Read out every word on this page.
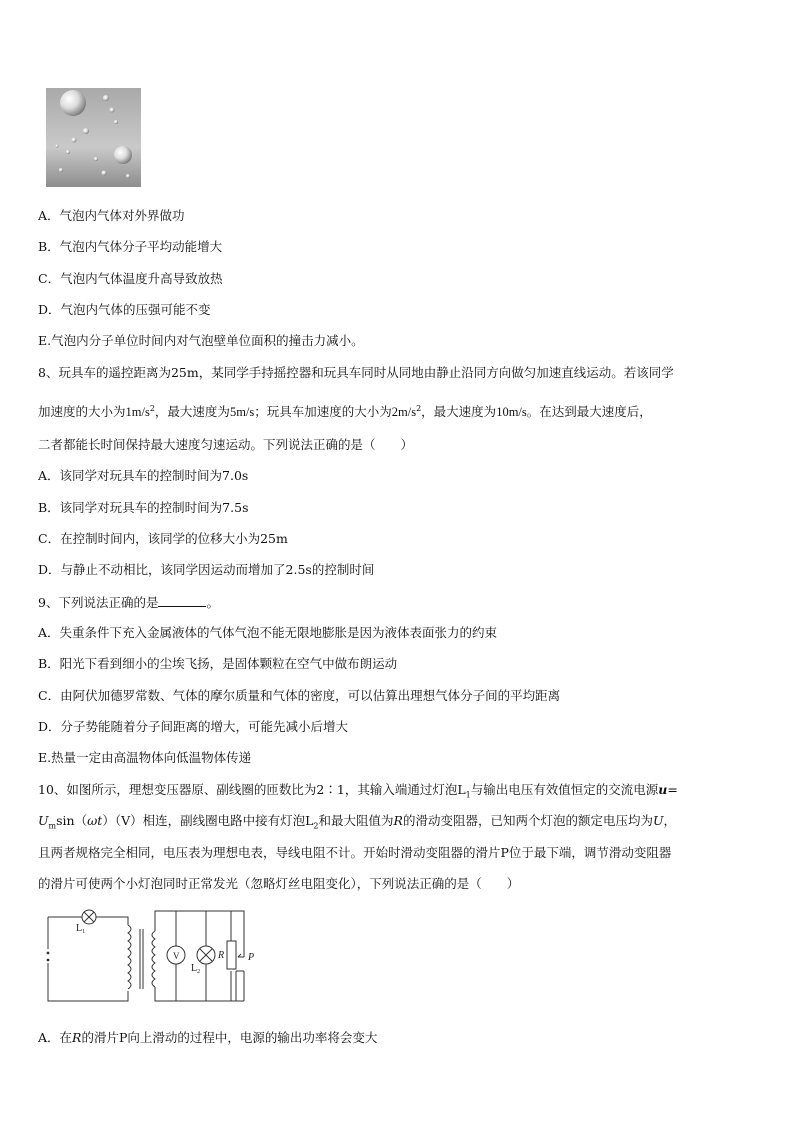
A．气泡内气体对外界做功
B．气泡内气体分子平均动能增大
C．气泡内气体温度升高导致放热
D．气泡内气体的压强可能不变
E.气泡内分子单位时间内对气泡壁单位面积的撞击力减小。
8、玩具车的遥控距离为25m，某同学手持摇控器和玩具车同时从同地由静止沿同方向做匀加速直线运动。若该同学
加速度的大小为$1m/s^2$，最大速度为5m/s；玩具车加速度的大小为$2m/s^2$，最大速度为10m/s。在达到最大速度后，
二者都能长时间保持最大速度匀速运动。下列说法正确的是（　　）
A．该同学对玩具车的控制时间为7.0s
B．该同学对玩具车的控制时间为7.5s
C．在控制时间内，该同学的位移大小为25m
D．与静止不动相比，该同学因运动而增加了2.5s的控制时间
9、下列说法正确的是	。
A．失重条件下充入金属液体的气体气泡不能无限地膨胀是因为液体表面张力的约束
B．阳光下看到细小的尘埃飞扬，是固体颗粒在空气中做布朗运动
C．由阿伏加德罗常数、气体的摩尔质量和气体的密度，可以估算出理想气体分子间的平均距离
D．分子势能随着分子间距离的增大，可能先减小后增大
E.热量一定由高温物体向低温物体传递
10、如图所示，理想变压器原、副线圈的匝数比为2∶1，其输入端通过灯泡$L_1$与输出电压有效值恒定的交流电源u=
$U_m\sin(\omega t)(V)$相连，副线圈电路中接有灯泡$L_2$和最大阻值为R的滑动变阻器，已知两个灯泡的额定电压均为U，
且两者规格完全相同，电压表为理想电表，导线电阻不计。开始时滑动变阻器的滑片P位于最下端，调节滑动变阻器
的滑片可使两个小灯泡同时正常发光（忽略灯丝电阻变化），下列说法正确的是（　　）
$L_1$
V
$L_2$
R P
A．在R的滑片P向上滑动的过程中，电源的输出功率将会变大
